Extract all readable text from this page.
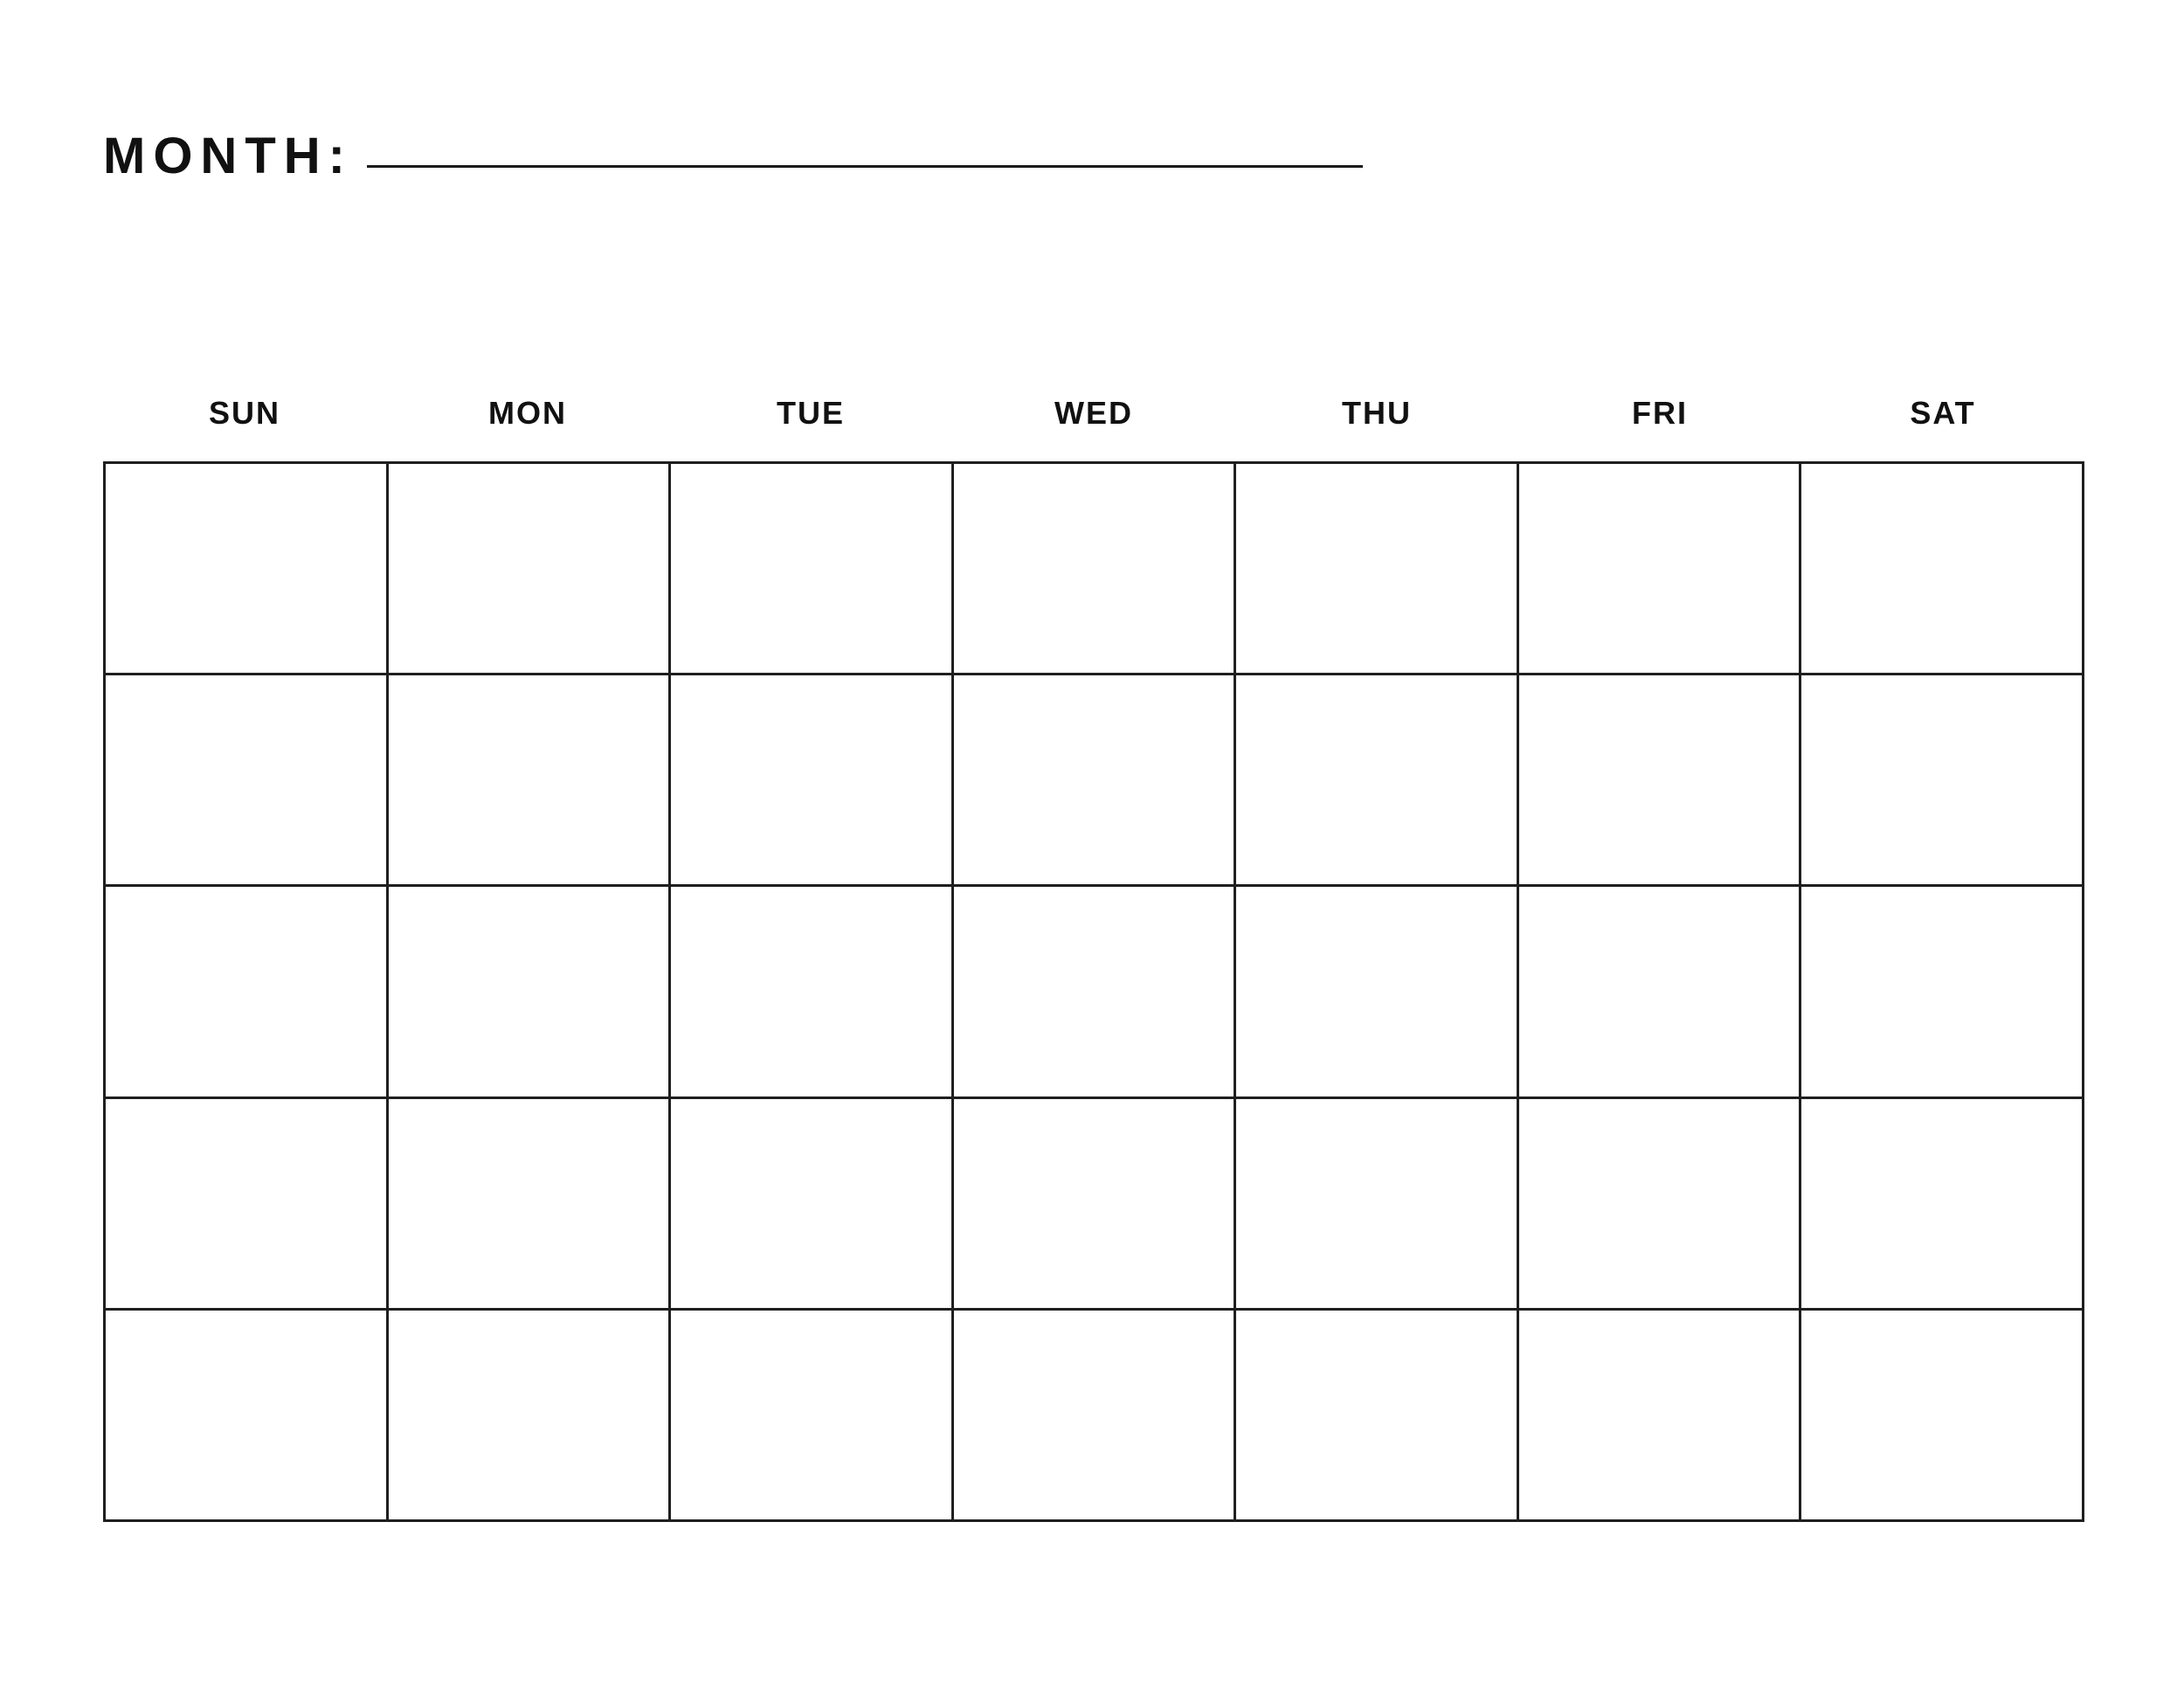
MONTH:
SUN	MON	TUE	WED	THU	FRI	SAT
